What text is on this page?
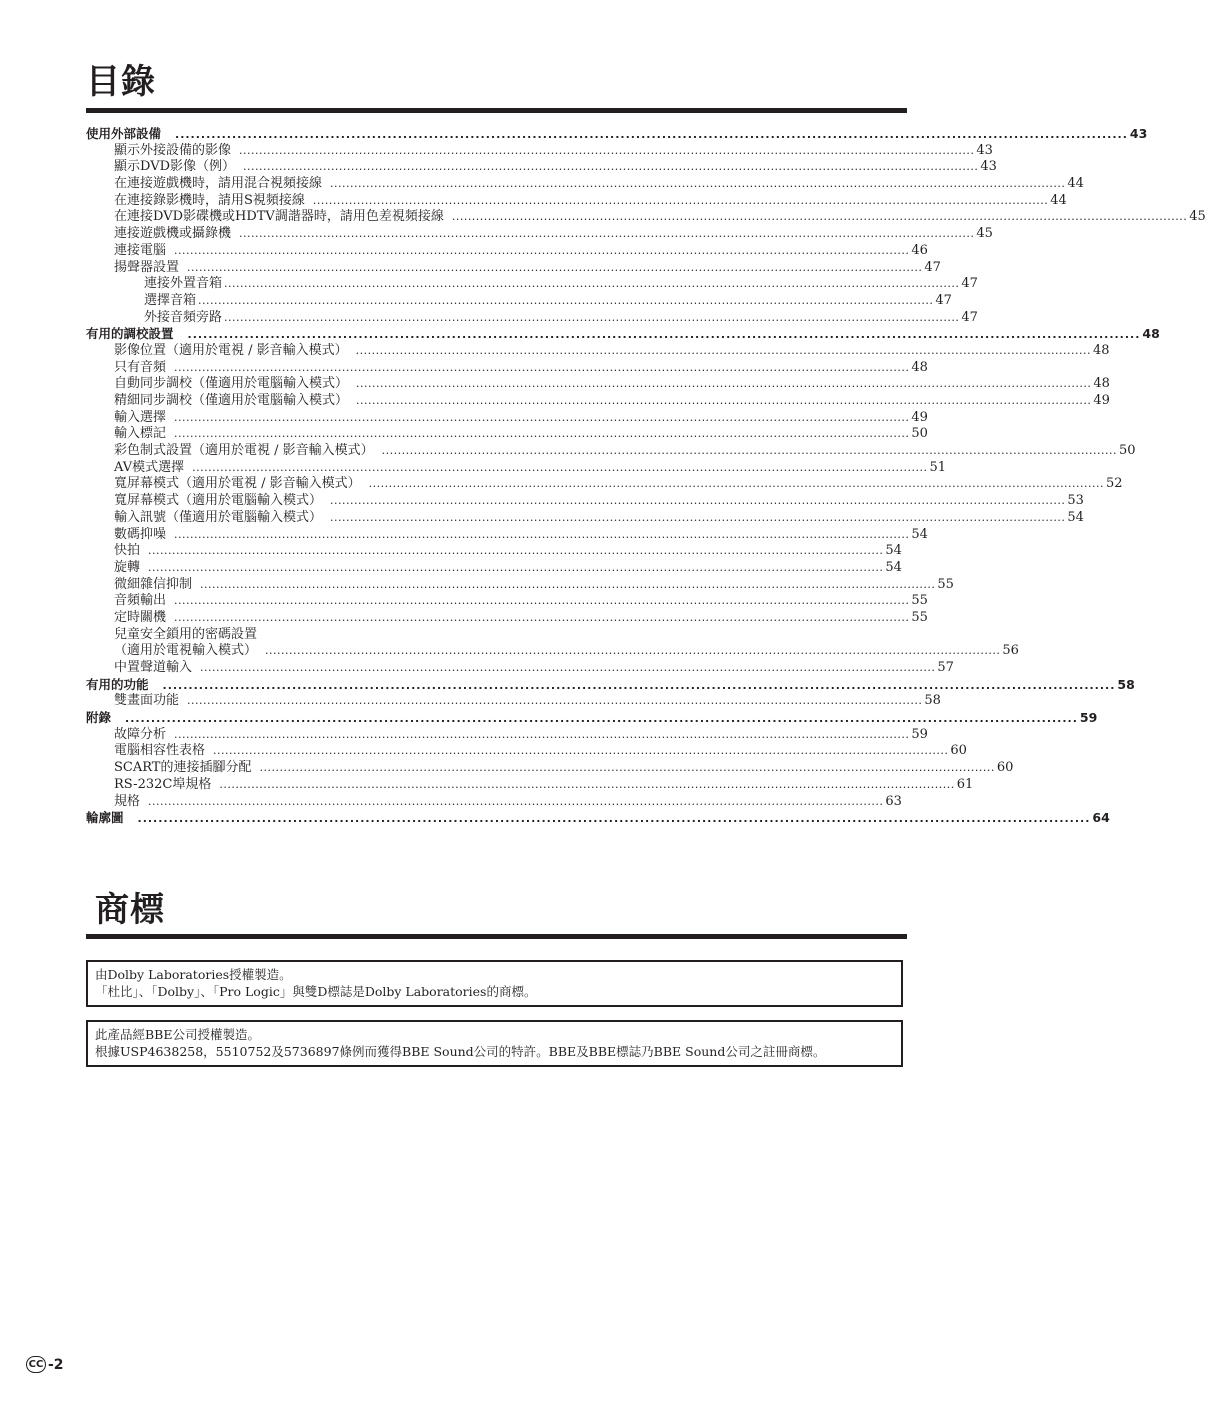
目錄
使用外部設備 .....	43
顯示外接設備的影像 .....	43
顯示DVD影像（例） .....	43
在連接遊戲機時，請用混合視頻接線 .....	44
在連接錄影機時，請用S視頻接線 .....	44
在連接DVD影碟機或HDTV調諧器時，請用色差視頻接線 .....	45
連接遊戲機或攝錄機 .....	45
連接電腦 .....	46
揚聲器設置 .....	47
連接外置音箱 .....	47
選擇音箱 .....	47
外接音頻旁路 .....	47
有用的調校設置 .....	48
影像位置（適用於電視 / 影音輸入模式） .....	48
只有音頻 .....	48
自動同步調校（僅適用於電腦輸入模式） .....	48
精細同步調校（僅適用於電腦輸入模式） .....	49
輸入選擇 .....	49
輸入標記 .....	50
彩色制式設置（適用於電視 / 影音輸入模式） .....	50
AV模式選擇 .....	51
寬屏幕模式（適用於電視 / 影音輸入模式） .....	52
寬屏幕模式（適用於電腦輸入模式） .....	53
輸入訊號（僅適用於電腦輸入模式） .....	54
數碼抑噪 .....	54
快拍 .....	54
旋轉 .....	54
微細雜信抑制 .....	55
音頻輸出 .....	55
定時關機 .....	55
兒童安全鎖用的密碼設置
（適用於電視輸入模式） .....	56
中置聲道輸入 .....	57
有用的功能 .....	58
雙畫面功能 .....	58
附錄 .....	59
故障分析 .....	59
電腦相容性表格 .....	60
SCART的連接插腳分配 .....	60
RS-232C埠規格 .....	61
規格 .....	63
輪廓圖 .....	64
商標
由Dolby Laboratories授權製造。
「杜比」、「Dolby」、「Pro Logic」與雙D標誌是Dolby Laboratories的商標。
此產品經BBE公司授權製造。
根據USP4638258，5510752及5736897條例而獲得BBE Sound公司的特許。BBE及BBE標誌乃BBE Sound公司之註冊商標。
CC -2
